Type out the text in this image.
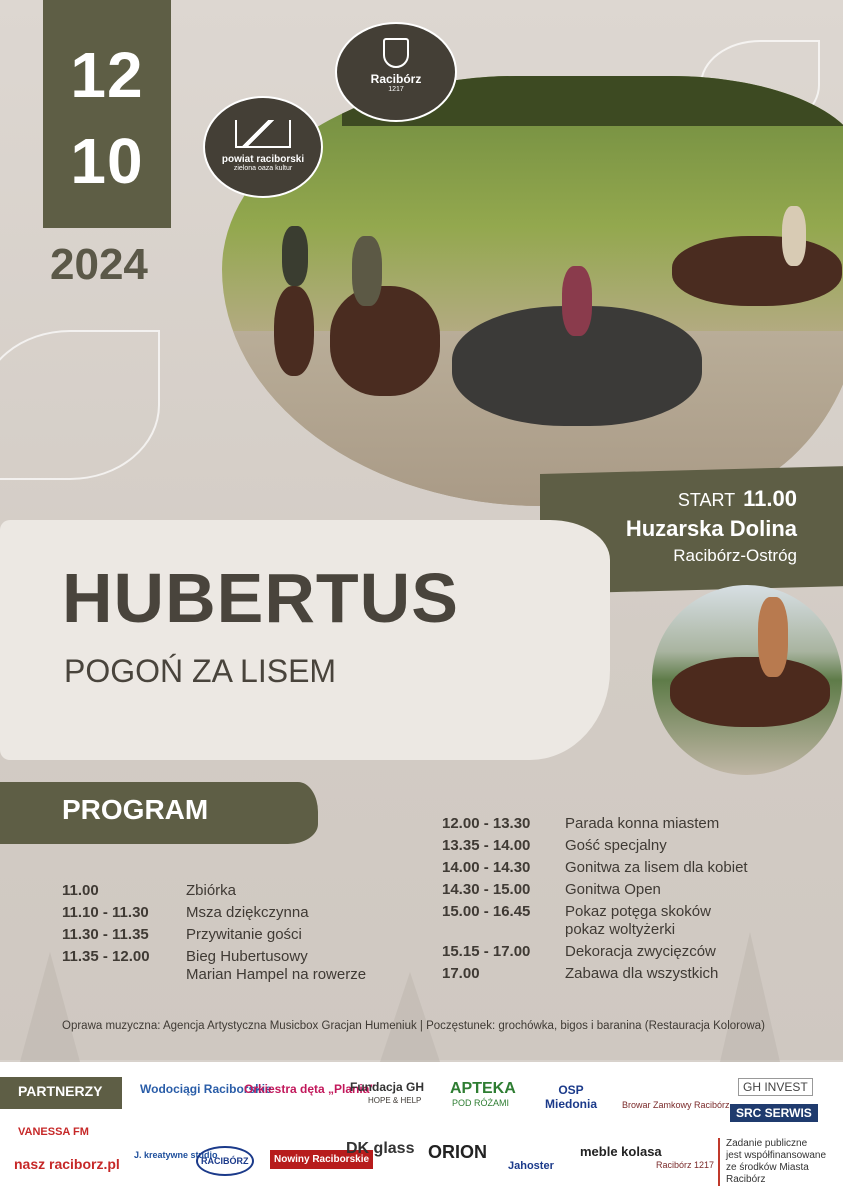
12
10
2024
Racibórz
1217
powiat raciborski
zielona oaza kultur
START 11.00
Huzarska Dolina
Racibórz-Ostróg
HUBERTUS
POGOŃ ZA LISEM
PROGRAM
11.00	Zbiórka
11.10 - 11.30 Msza dziękczynna
11.30 - 11.35 Przywitanie gości
11.35 - 12.00 Bieg Hubertusowy
Marian Hampel na rowerze
12.00 - 13.30 Parada konna miastem
13.35 - 14.00 Gość specjalny
14.00 - 14.30 Gonitwa za lisem dla kobiet
14.30 - 15.00 Gonitwa Open
15.00 - 16.45 Pokaz potęga skoków
pokaz woltyżerki
15.15 - 17.00 Dekoracja zwycięzców
17.00	Zabawa dla wszystkich
Oprawa muzyczna: Agencja Artystyczna Musicbox Gracjan Humeniuk | Poczęstunek: grochówka, bigos i baranina (Restauracja Kolorowa)
PARTNERZY	Wodociągi Raciborskie
Orkiestra dęta „Plania”
Fundacja GH
HOPE & HELP
APTEKA
POD RÓŻAMI
OSP Miedonia	Browar Zamkowy Racibórz
GH INVEST
SRC SERWIS
VANESSA FM
nasz raciborz.pl
J. kreatywne studio
RACIBÓRZ	Nowiny Raciborskie
DK glass ORION
Jahoster
meble kolasa
Racibórz 1217
Zadanie publiczne
jest współfinansowane
ze środków Miasta Racibórz
